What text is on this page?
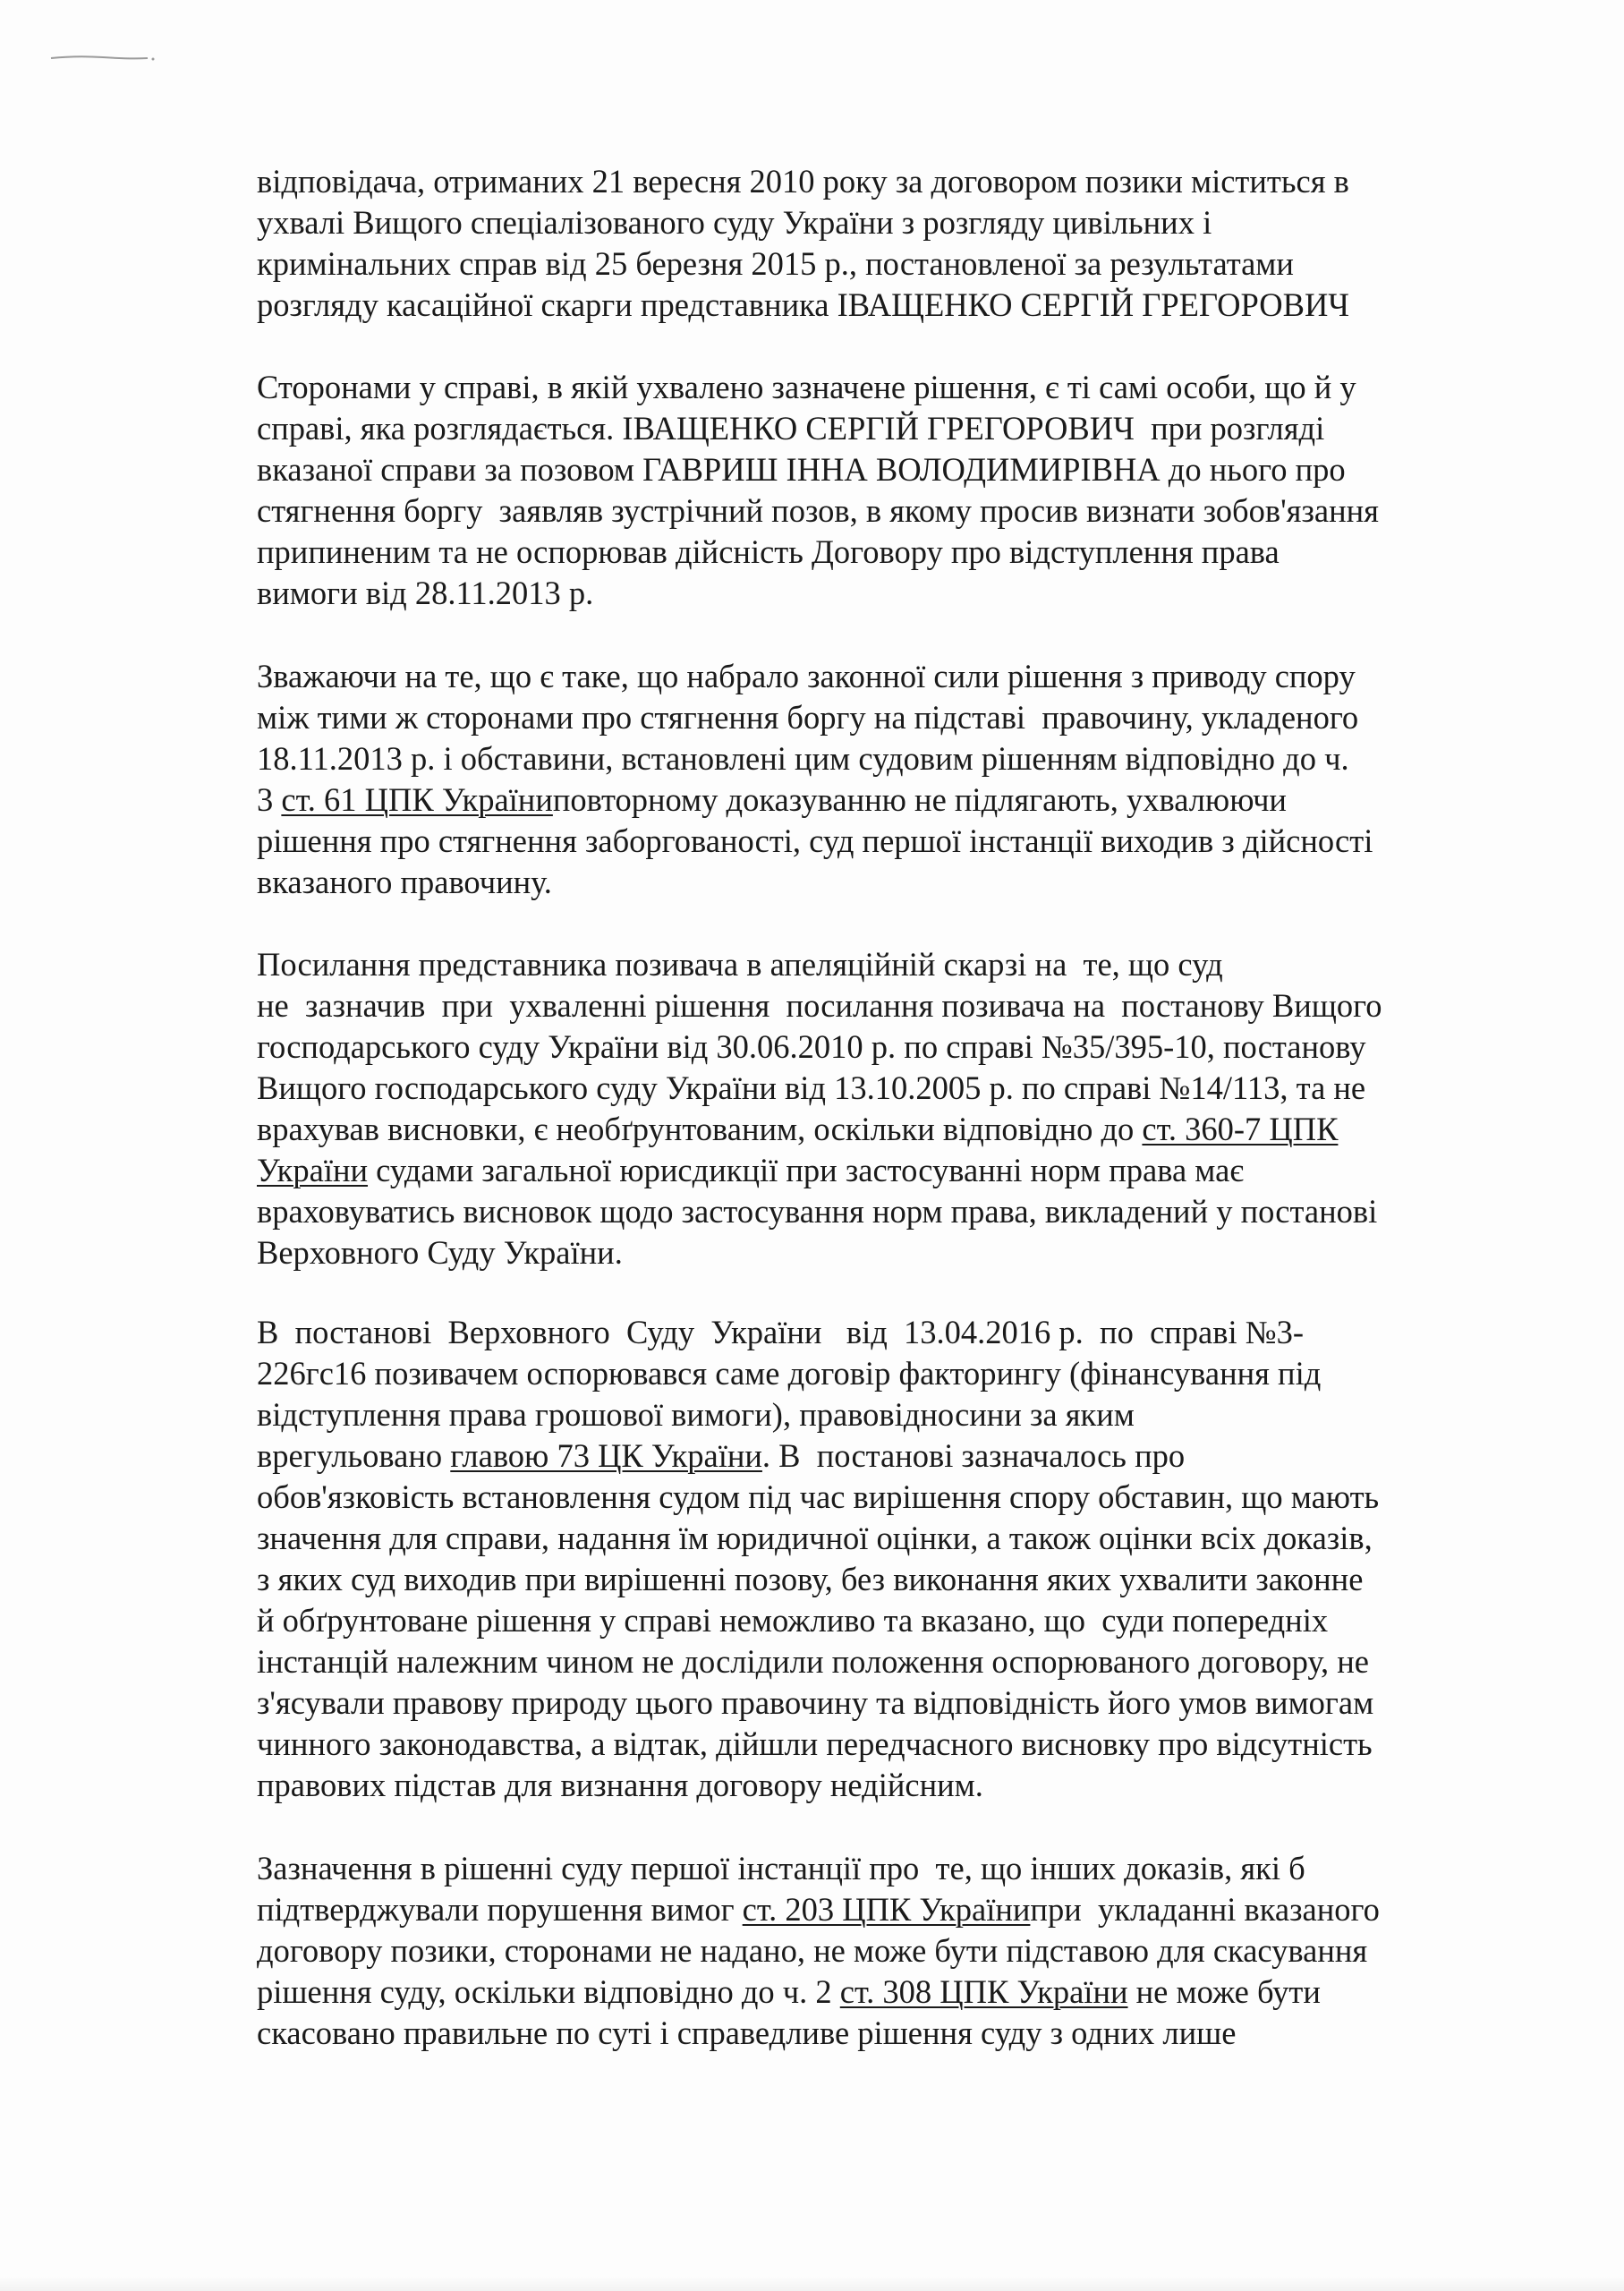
відповідача, отриманих 21 вересня 2010 року за договором позики міститься в

ухвалі Вищого спеціалізованого суду України з розгляду цивільних і

кримінальних справ від 25 березня 2015 р., постановленої за результатами

розгляду касаційної скарги представника ІВАЩЕНКО СЕРГІЙ ГРЕГОРОВИЧ

Сторонами у справі, в якій ухвалено зазначене рішення, є ті самі особи, що й у

справі, яка розглядається. ІВАЩЕНКО СЕРГІЙ ГРЕГОРОВИЧ  при розгляді

вказаної справи за позовом ГАВРИШ ІННА ВОЛОДИМИРІВНА до нього про

стягнення боргу  заявляв зустрічний позов, в якому просив визнати зобов'язання

припиненим та не оспорював дійсність Договору про відступлення права

вимоги від 28.11.2013 р.

Зважаючи на те, що є таке, що набрало законної сили рішення з приводу спору

між тими ж сторонами про стягнення боргу на підставі  правочину, укладеного

18.11.2013 р. і обставини, встановлені цим судовим рішенням відповідно до ч.

3 ст. 61 ЦПК Україниповторному доказуванню не підлягають, ухвалюючи

рішення про стягнення заборгованості, суд першої інстанції виходив з дійсності

вказаного правочину.

Посилання представника позивача в апеляційній скарзі на  те, що суд

не  зазначив  при  ухваленні рішення  посилання позивача на  постанову Вищого

господарського суду України від 30.06.2010 р. по справі №35/395-10, постанову

Вищого господарського суду України від 13.10.2005 р. по справі №14/113, та не

врахував висновки, є необґрунтованим, оскільки відповідно до ст. 360-7 ЦПК

України судами загальної юрисдикції при застосуванні норм права має

враховуватись висновок щодо застосування норм права, викладений у постанові

Верховного Суду України.

В  постанові  Верховного  Суду  України   від  13.04.2016 р.  по  справі №3-

226гс16 позивачем оспорювався саме договір факторингу (фінансування під

відступлення права грошової вимоги), правовідносини за яким

врегульовано главою 73 ЦК України. В  постанові зазначалось про

обов'язковість встановлення судом під час вирішення спору обставин, що мають

значення для справи, надання їм юридичної оцінки, а також оцінки всіх доказів,

з яких суд виходив при вирішенні позову, без виконання яких ухвалити законне

й обґрунтоване рішення у справі неможливо та вказано, що  суди попередніх

інстанцій належним чином не дослідили положення оспорюваного договору, не

з'ясували правову природу цього правочину та відповідність його умов вимогам

чинного законодавства, а відтак, дійшли передчасного висновку про відсутність

правових підстав для визнання договору недійсним.

Зазначення в рішенні суду першої інстанції про  те, що інших доказів, які б

підтверджували порушення вимог ст. 203 ЦПК Українипри  укладанні вказаного

договору позики, сторонами не надано, не може бути підставою для скасування

рішення суду, оскільки відповідно до ч. 2 ст. 308 ЦПК України не може бути

скасовано правильне по суті і справедливе рішення суду з одних лише
